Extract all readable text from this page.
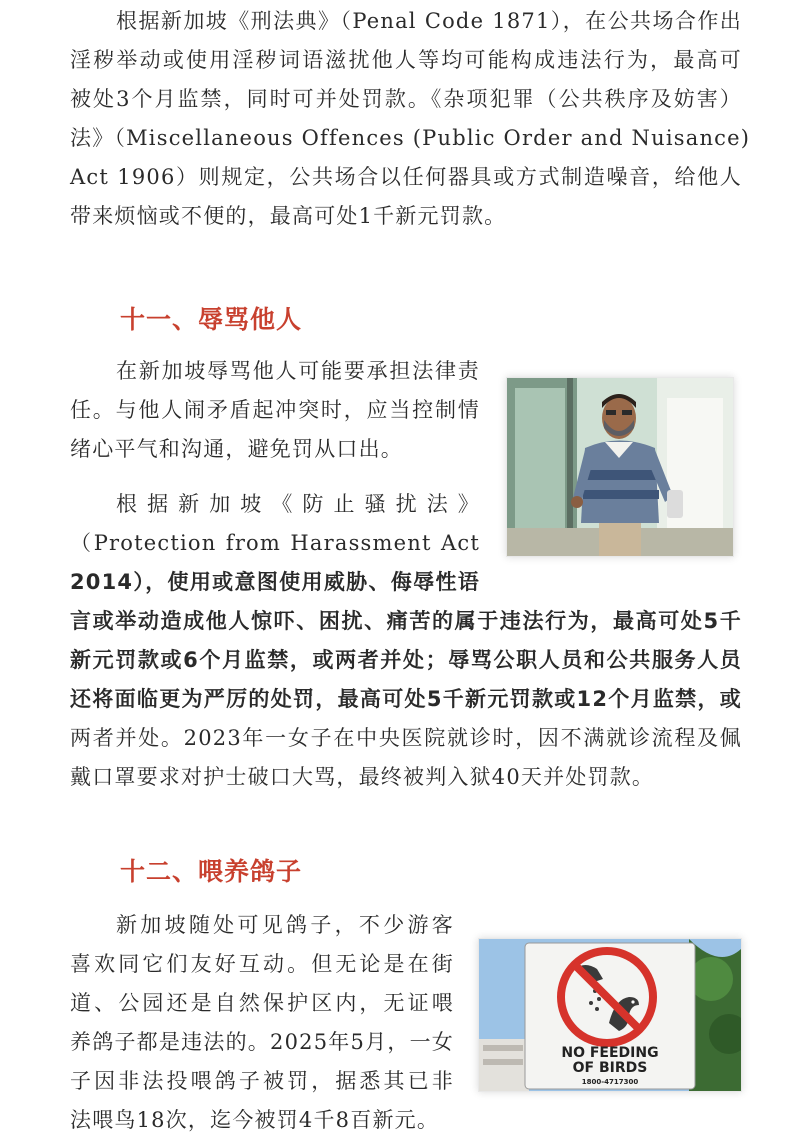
根据新加坡《刑法典》（Penal Code 1871），在公共场合作出
淫秽举动或使用淫秽词语滋扰他人等均可能构成违法行为，最高可
被处3个月监禁，同时可并处罚款。《杂项犯罪（公共秩序及妨害）
法》（Miscellaneous Offences (Public Order and Nuisance)
Act 1906）则规定，公共场合以任何器具或方式制造噪音，给他人
带来烦恼或不便的，最高可处1千新元罚款。
十一、辱骂他人
在新加坡辱骂他人可能要承担法律责
任。与他人闹矛盾起冲突时，应当控制情
绪心平气和沟通，避免罚从口出。
根据新加坡《防止骚扰法》
（Protection from Harassment Act
2014），使用或意图使用威胁、侮辱性语
言或举动造成他人惊吓、困扰、痛苦的属于违法行为，最高可处5千
新元罚款或6个月监禁，或两者并处；辱骂公职人员和公共服务人员
还将面临更为严厉的处罚，最高可处5千新元罚款或12个月监禁，或
两者并处。2023年一女子在中央医院就诊时，因不满就诊流程及佩
戴口罩要求对护士破口大骂，最终被判入狱40天并处罚款。
十二、喂养鸽子
新加坡随处可见鸽子，不少游客
喜欢同它们友好互动。但无论是在街
道、公园还是自然保护区内，无证喂
养鸽子都是违法的。2025年5月，一女
子因非法投喂鸽子被罚，据悉其已非
法喂鸟18次，迄今被罚4千8百新元。
NO FEEDING
OF BIRDS
1800-4717300
